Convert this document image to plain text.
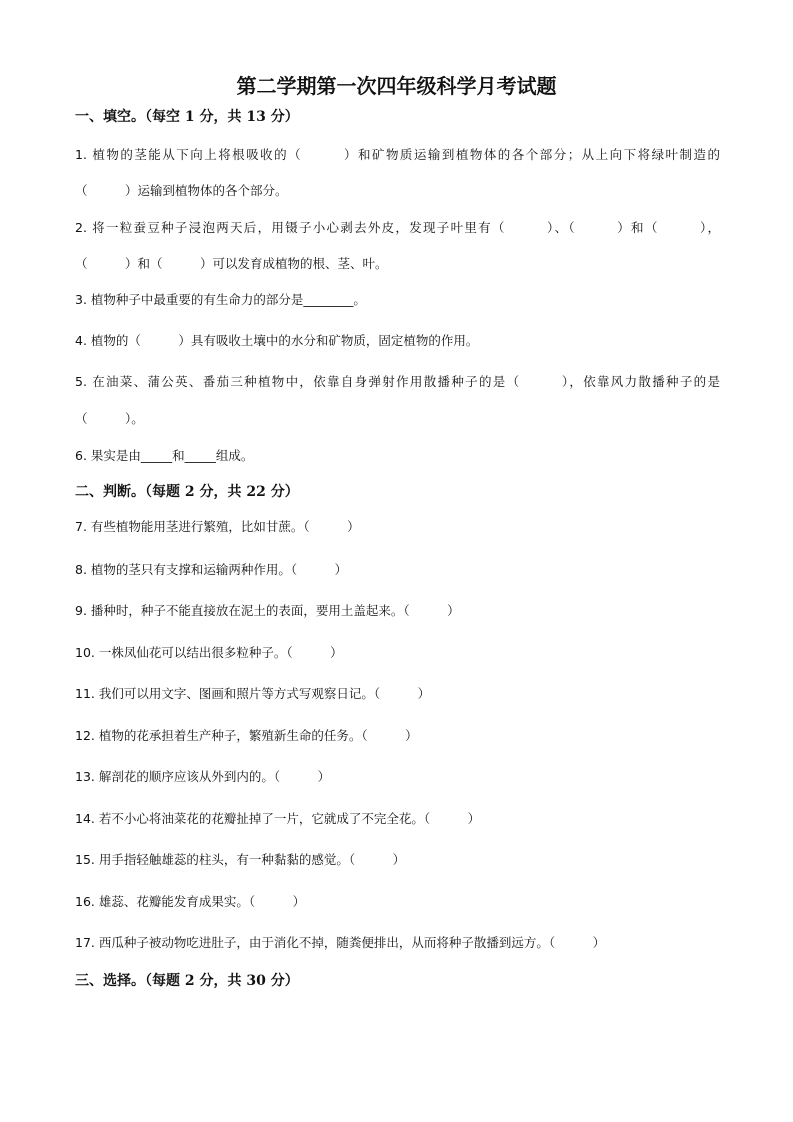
第二学期第一次四年级科学月考试题
一、填空。（每空 1 分，共 13 分）
1. 植物的茎能从下向上将根吸收的（　　　）和矿物质运输到植物体的各个部分；从上向下将绿叶制造的
（　　　）运输到植物体的各个部分。
2. 将一粒蚕豆种子浸泡两天后，用镊子小心剥去外皮，发现子叶里有（　　　）、（　　　）和（　　　），
（　　　）和（　　　）可以发育成植物的根、茎、叶。
3. 植物种子中最重要的有生命力的部分是________。
4. 植物的（　　　）具有吸收土壤中的水分和矿物质，固定植物的作用。
5. 在油菜、蒲公英、番茄三种植物中，依靠自身弹射作用散播种子的是（　　　），依靠风力散播种子的是
（　　　）。
6. 果实是由_____和_____组成。
二、判断。（每题 2 分，共 22 分）
7. 有些植物能用茎进行繁殖，比如甘蔗。（　　　）
8. 植物的茎只有支撑和运输两种作用。（　　　）
9. 播种时，种子不能直接放在泥土的表面，要用土盖起来。（　　　）
10. 一株凤仙花可以结出很多粒种子。（　　　）
11. 我们可以用文字、图画和照片等方式写观察日记。（　　　）
12. 植物的花承担着生产种子，繁殖新生命的任务。（　　　）
13. 解剖花的顺序应该从外到内的。（　　　）
14. 若不小心将油菜花的花瓣扯掉了一片，它就成了不完全花。（　　　）
15. 用手指轻触雄蕊的柱头，有一种黏黏的感觉。（　　　）
16. 雄蕊、花瓣能发育成果实。（　　　）
17. 西瓜种子被动物吃进肚子，由于消化不掉，随粪便排出，从而将种子散播到远方。（　　　）
三、选择。（每题 2 分，共 30 分）
